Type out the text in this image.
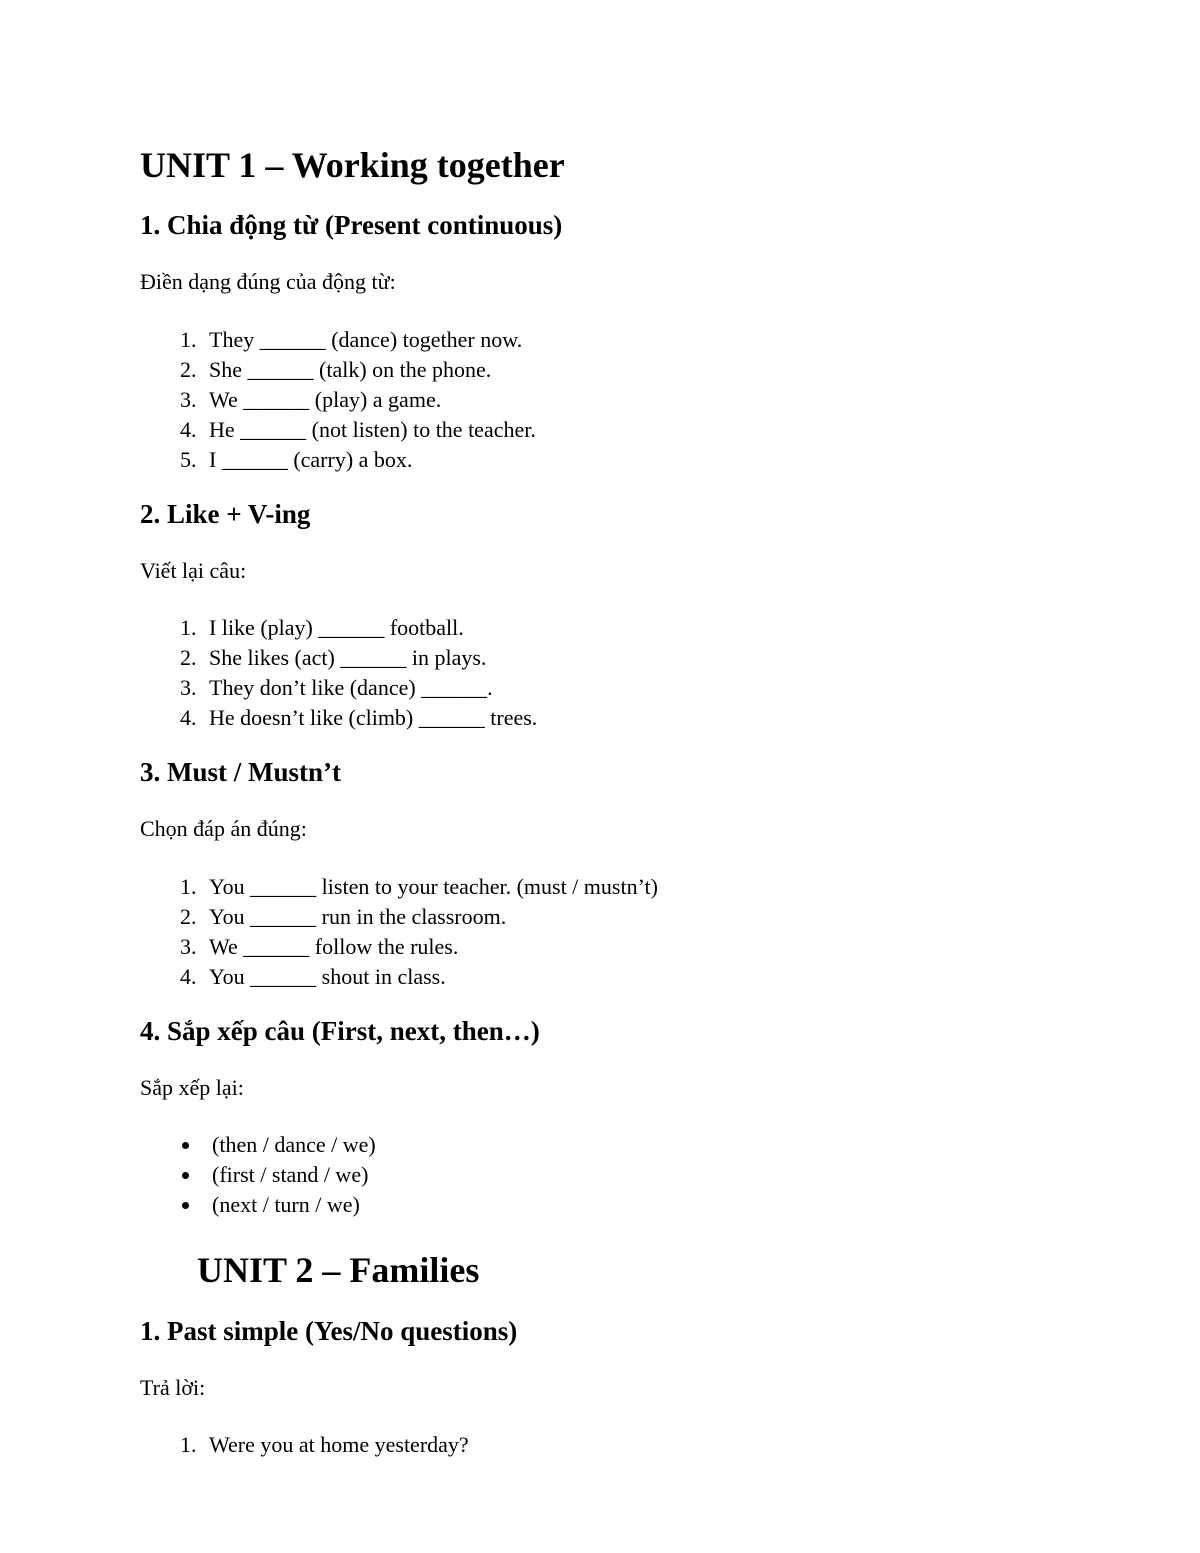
UNIT 1 – Working together
1. Chia động từ (Present continuous)

Điền dạng đúng của động từ:

1. They ______ (dance) together now.
2. She ______ (talk) on the phone.
3. We ______ (play) a game.
4. He ______ (not listen) to the teacher.
5. I ______ (carry) a box.
2. Like + V-ing

Viết lại câu:

1. I like (play) ______ football.
2. She likes (act) ______ in plays.
3. They don’t like (dance) ______.
4. He doesn’t like (climb) ______ trees.
3. Must / Mustn’t

Chọn đáp án đúng:

1. You ______ listen to your teacher. (must / mustn’t)
2. You ______ run in the classroom.
3. We ______ follow the rules.
4. You ______ shout in class.
4. Sắp xếp câu (First, next, then…)

Sắp xếp lại:

• (then / dance / we)
• (first / stand / we)
• (next / turn / we)
UNIT 2 – Families
1. Past simple (Yes/No questions)

Trả lời:

1. Were you at home yesterday?
